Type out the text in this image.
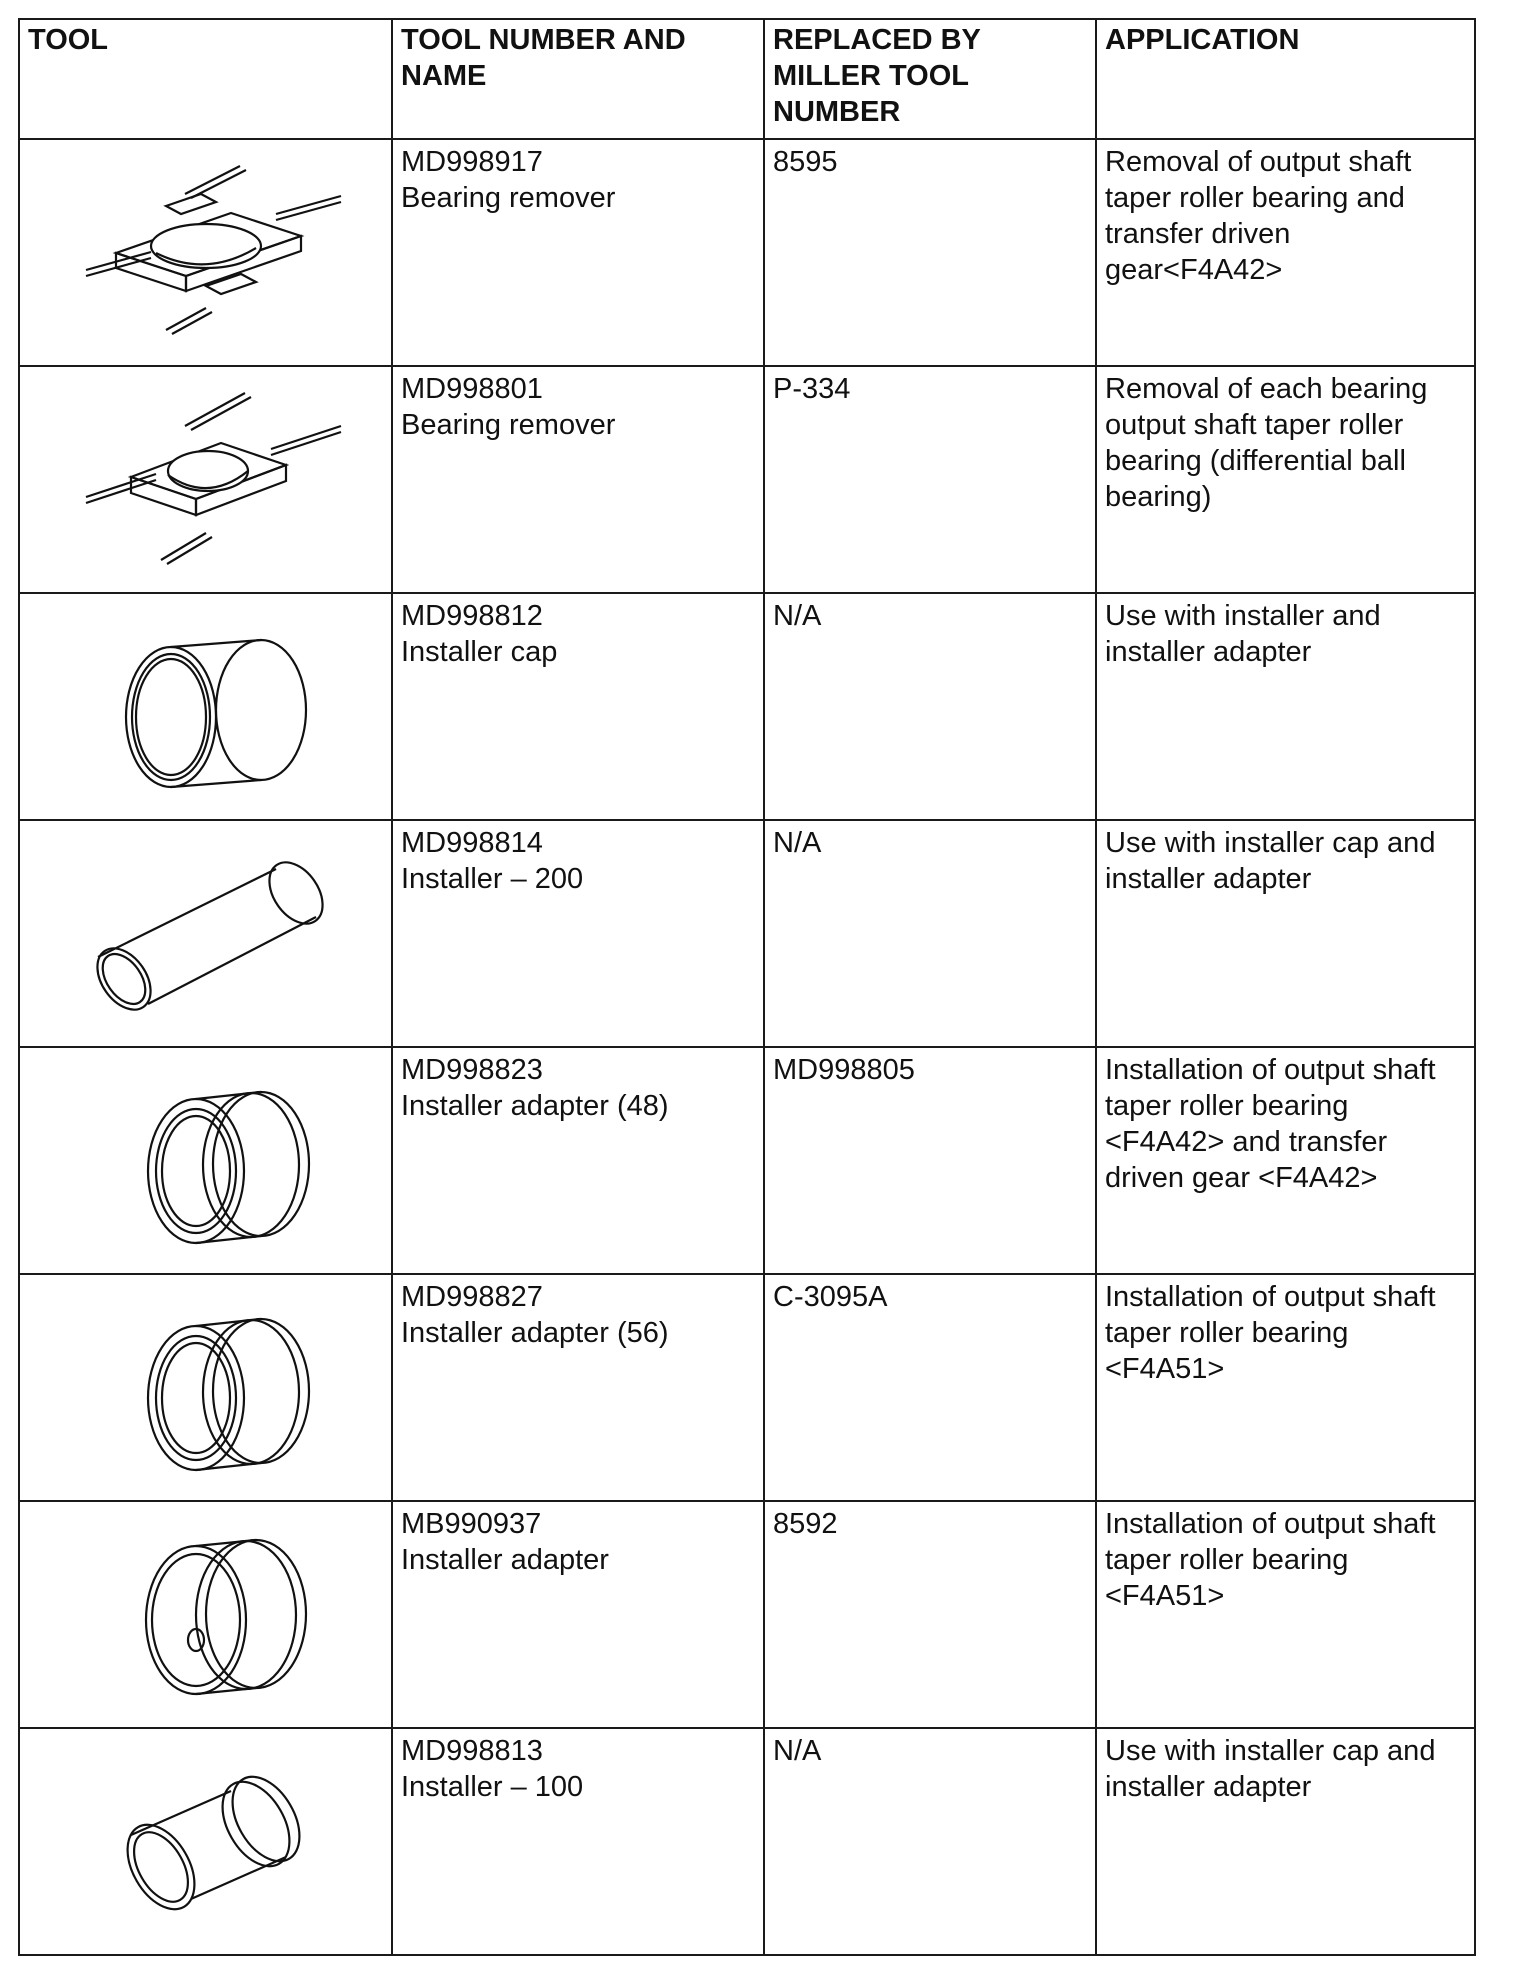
TOOL	TOOL NUMBER AND NAME	REPLACED BY MILLER TOOL NUMBER	APPLICATION

MD998917
Bearing remover	8595	Removal of output shaft taper roller bearing and transfer driven gear<F4A42>

MD998801
Bearing remover	P-334	Removal of each bearing output shaft taper roller bearing (differential ball bearing)

MD998812
Installer cap	N/A	Use with installer and installer adapter

MD998814
Installer – 200	N/A	Use with installer cap and installer adapter

MD998823
Installer adapter (48)	MD998805	Installation of output shaft taper roller bearing <F4A42> and transfer driven gear <F4A42>

MD998827
Installer adapter (56)	C-3095A	Installation of output shaft taper roller bearing <F4A51>

MB990937
Installer adapter	8592	Installation of output shaft taper roller bearing <F4A51>

MD998813
Installer – 100	N/A	Use with installer cap and installer adapter
